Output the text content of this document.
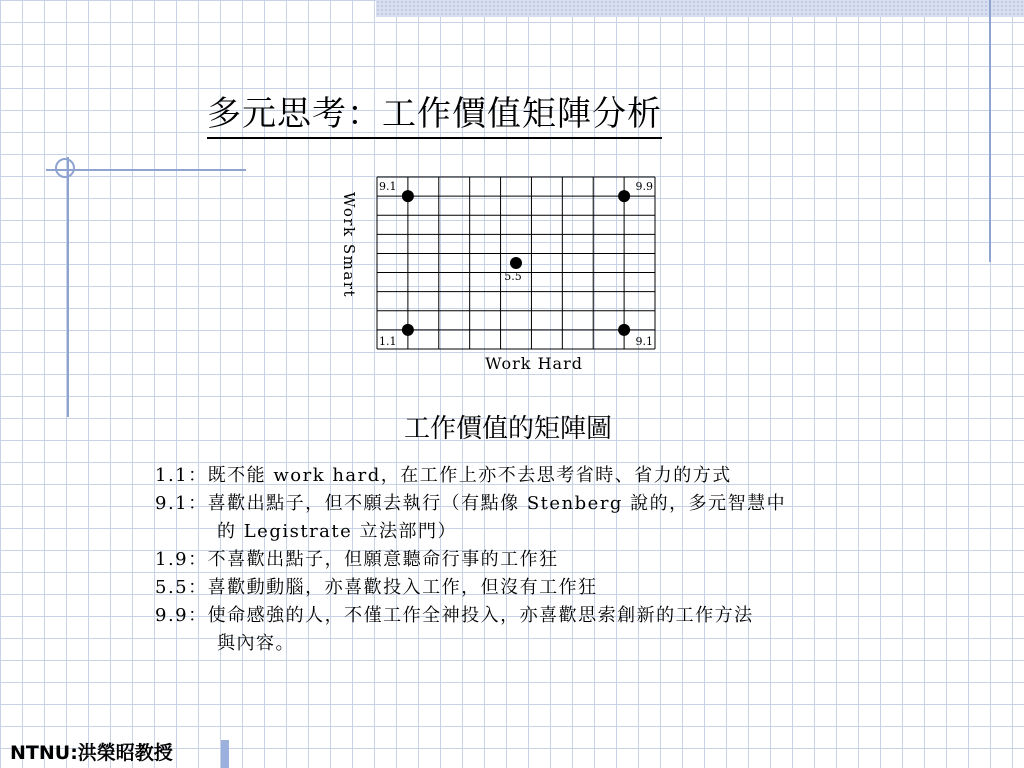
多元思考：工作價值矩陣分析
Work Smart
Work Hard
9.1	9.9
5.5
1.1	9.1
工作價值的矩陣圖
1.1：既不能 work hard，在工作上亦不去思考省時、省力的方式
9.1：喜歡出點子，但不願去執行（有點像 Stenberg 說的，多元智慧中
的 Legistrate 立法部門）
1.9：不喜歡出點子，但願意聽命行事的工作狂
5.5：喜歡動動腦，亦喜歡投入工作，但沒有工作狂
9.9：使命感強的人，不僅工作全神投入，亦喜歡思索創新的工作方法
與內容。
NTNU:洪榮昭教授
